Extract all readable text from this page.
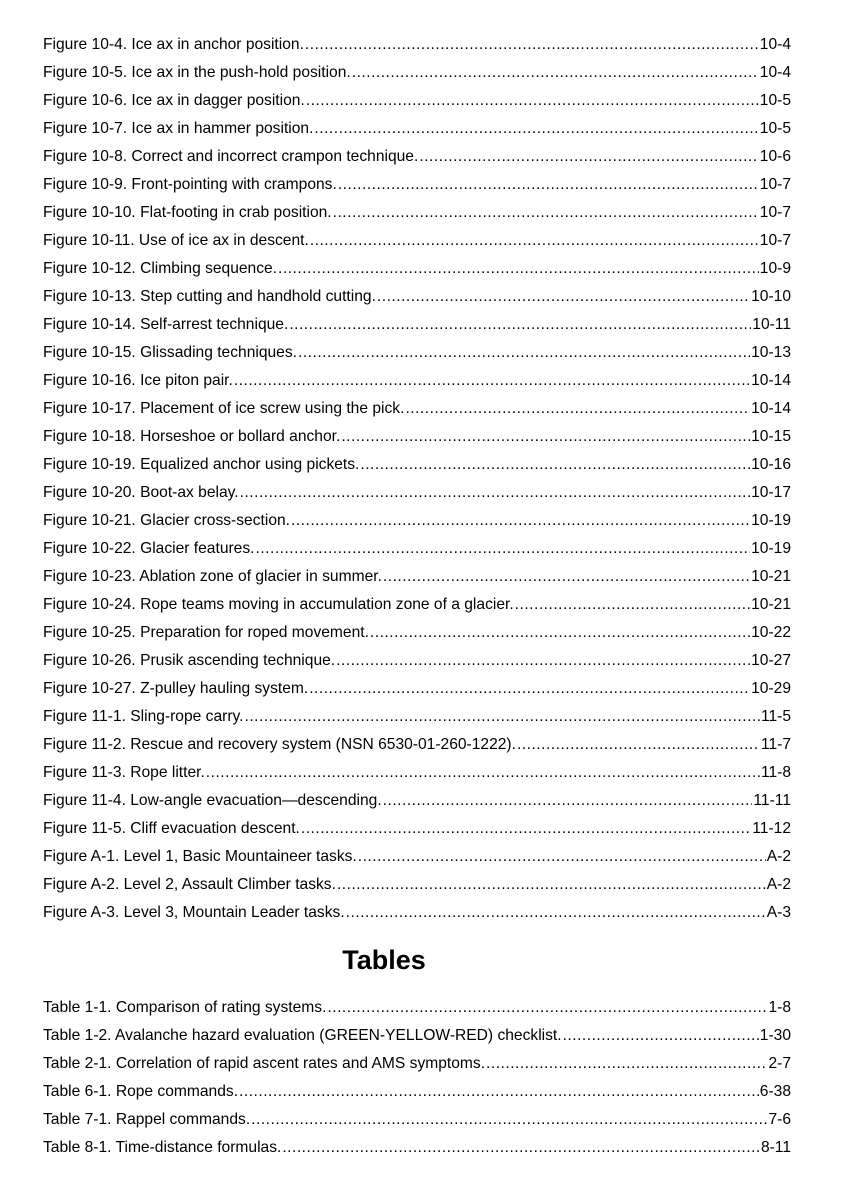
Figure 10-4. Ice ax in anchor position. .....	10-4
Figure 10-5. Ice ax in the push-hold position. .....	10-4
Figure 10-6. Ice ax in dagger position. .....	10-5
Figure 10-7. Ice ax in hammer position. .....	10-5
Figure 10-8. Correct and incorrect crampon technique. .....	10-6
Figure 10-9. Front-pointing with crampons. .....	10-7
Figure 10-10. Flat-footing in crab position. .....	10-7
Figure 10-11. Use of ice ax in descent. .....	10-7
Figure 10-12. Climbing sequence. .....	10-9
Figure 10-13. Step cutting and handhold cutting. .....	10-10
Figure 10-14. Self-arrest technique. .....	10-11
Figure 10-15. Glissading techniques. .....	10-13
Figure 10-16. Ice piton pair. .....	10-14
Figure 10-17. Placement of ice screw using the pick. .....	10-14
Figure 10-18. Horseshoe or bollard anchor. .....	10-15
Figure 10-19. Equalized anchor using pickets. .....	10-16
Figure 10-20. Boot-ax belay. .....	10-17
Figure 10-21. Glacier cross-section. .....	10-19
Figure 10-22. Glacier features. .....	10-19
Figure 10-23. Ablation zone of glacier in summer. .....	10-21
Figure 10-24. Rope teams moving in accumulation zone of a glacier. .....	10-21
Figure 10-25. Preparation for roped movement. .....	10-22
Figure 10-26. Prusik ascending technique. .....	10-27
Figure 10-27. Z-pulley hauling system. .....	10-29
Figure 11-1. Sling-rope carry. .....	11-5
Figure 11-2. Rescue and recovery system (NSN 6530-01-260-1222). .....	11-7
Figure 11-3. Rope litter. .....	11-8
Figure 11-4. Low-angle evacuation—descending. .....	11-11
Figure 11-5. Cliff evacuation descent. .....	11-12
Figure A-1. Level 1, Basic Mountaineer tasks. .....	A-2
Figure A-2. Level 2, Assault Climber tasks. .....	A-2
Figure A-3. Level 3, Mountain Leader tasks. .....	A-3
Tables
Table 1-1. Comparison of rating systems. .....	1-8
Table 1-2. Avalanche hazard evaluation (GREEN-YELLOW-RED) checklist. .....	1-30
Table 2-1. Correlation of rapid ascent rates and AMS symptoms. .....	2-7
Table 6-1. Rope commands. .....	6-38
Table 7-1. Rappel commands. .....	7-6
Table 8-1. Time-distance formulas. .....	8-11
